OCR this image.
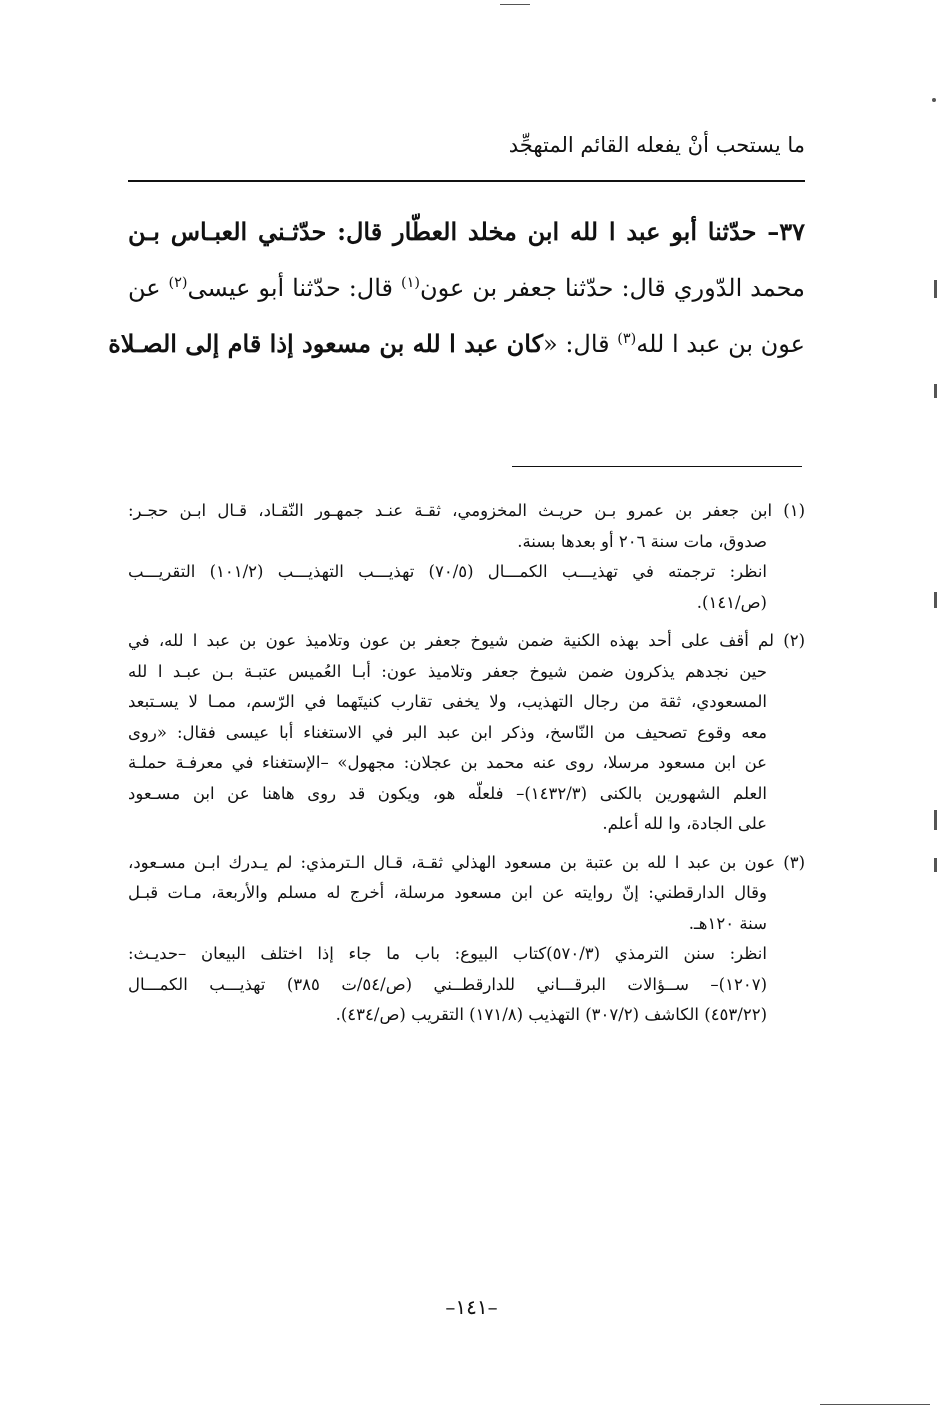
ما يستحب أنْ يفعله القائم المتهجِّد
٣٧– حدّثنا أبو عبد ا لله ابن مخلد العطّار قال: حدّثـني العبـاس بـن
محمد الدّوري قال: حدّثنا جعفر بن عون$^{(١)}$ قال: حدّثنا أبو عيسى$^{(٢)}$ عن
عون بن عبد ا لله$^{(٣)}$ قال: «كان عبد ا لله بن مسعود إذا قام إلى الصـلاة
(١) ابن جعفر بن عمرو بـن حريـث المخزومي، ثقـة عنـد جمهـور النّقـاد، قـال ابـن حجـر:
صدوق، مات سنة ٢٠٦ أو بعدها بسنة.
انظر: ترجمته في تهذيـــب الكمـــال (٧٠/٥) تهذيـــب التهذيـــب (١٠١/٢) التقريـــب
(ص/١٤١).
(٢) لم أقف على أحد بهذه الكنية ضمن شيوخ جعفر بن عون وتلاميذ عون بن عبد ا لله، في
حين نجدهم يذكرون ضمن شيوخ جعفر وتلاميذ عون: أبـا العُميس عتبـة بـن عبـد ا لله
المسعودي، ثقة من رجال التهذيب، ولا يخفى تقارب كنيتَهما في الرّسم، ممـا لا يسـتبعد
معه وقوع تصحيف من النّاسخ، وذكر ابن عبد البر في الاستغناء أبا عيسى فقال: «روى
عن ابن مسعود مرسلا، روى عنه محمد بن عجلان: مجهول» –الإستغناء في معرفـة حملـة
العلم الشهورين بالكنى (١٤٣٢/٣)– فلعلّه هو، ويكون قد روى هاهنا عن ابن مسـعود
على الجادة، وا لله أعلم.
(٣) عون بن عبد ا لله بن عتبة بن مسعود الهذلي ثقـة، قـال الـترمذي: لم يـدرك ابـن مسـعود،
وقال الدارقطني: إنّ روايته عن ابن مسعود مرسلة، أخرج له مسلم والأربعة، مـات قبـل
سنة ١٢٠هـ.
انظر: سنن الترمذي (٥٧٠/٣)كتاب البيوع: باب ما جاء إذا اختلف البيعان –حديـث:
(١٢٠٧)– ســؤالات البرقـــاني للدارقطــني (ص/٥٤/ت ٣٨٥) تهذيـــب الكمـــال
(٤٥٣/٢٢) الكاشف (٣٠٧/٢) التهذيب (١٧١/٨) التقريب (ص/٤٣٤).
–١٤١–
